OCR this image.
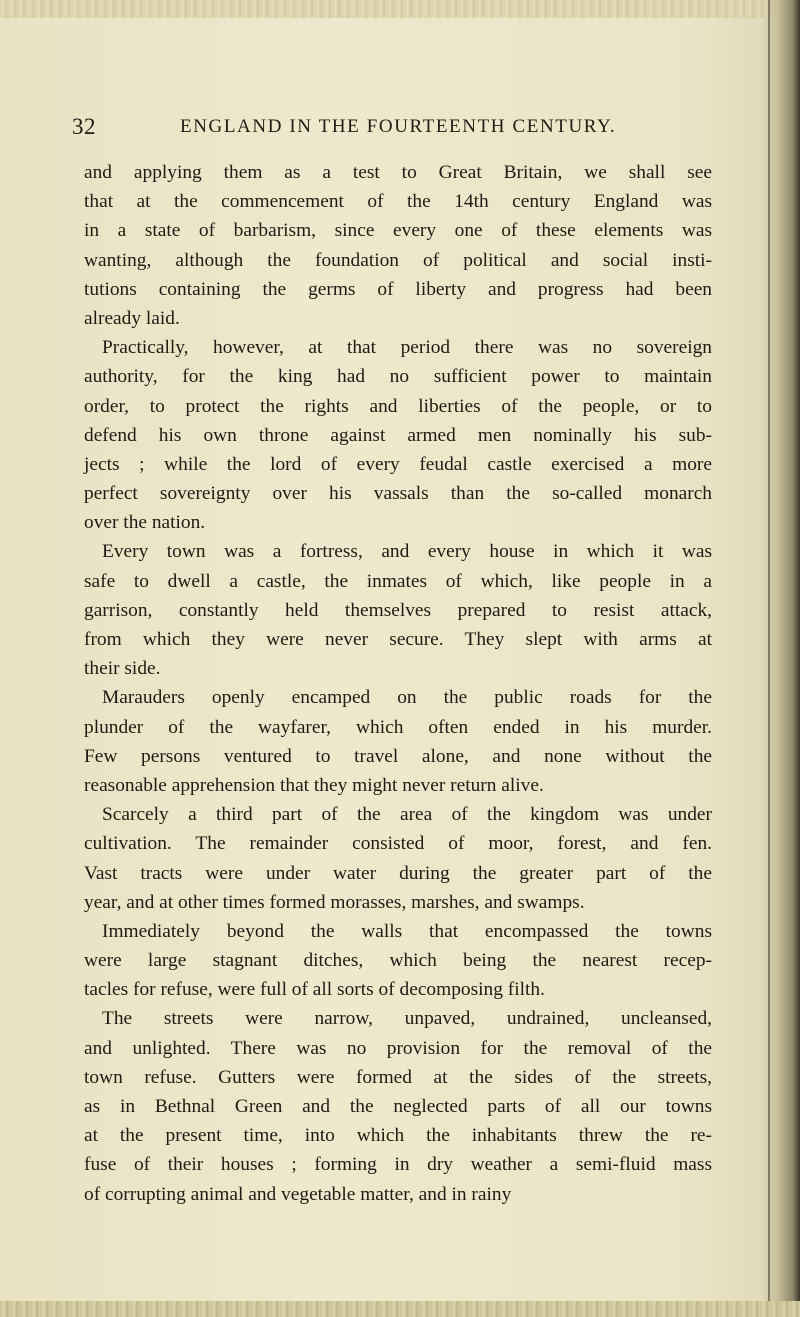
32	ENGLAND IN THE FOURTEENTH CENTURY.
and applying them as a test to Great Britain, we shall see
that at the commencement of the 14th century England was
in a state of barbarism, since every one of these elements was
wanting, although the foundation of political and social insti-
tutions containing the germs of liberty and progress had been
already laid.
Practically, however, at that period there was no sovereign
authority, for the king had no sufficient power to maintain
order, to protect the rights and liberties of the people, or to
defend his own throne against armed men nominally his sub-
jects ; while the lord of every feudal castle exercised a more
perfect sovereignty over his vassals than the so-called monarch
over the nation.
Every town was a fortress, and every house in which it was
safe to dwell a castle, the inmates of which, like people in a
garrison, constantly held themselves prepared to resist attack,
from which they were never secure. They slept with arms at
their side.
Marauders openly encamped on the public roads for the
plunder of the wayfarer, which often ended in his murder.
Few persons ventured to travel alone, and none without the
reasonable apprehension that they might never return alive.
Scarcely a third part of the area of the kingdom was under
cultivation. The remainder consisted of moor, forest, and fen.
Vast tracts were under water during the greater part of the
year, and at other times formed morasses, marshes, and swamps.
Immediately beyond the walls that encompassed the towns
were large stagnant ditches, which being the nearest recep-
tacles for refuse, were full of all sorts of decomposing filth.
The streets were narrow, unpaved, undrained, uncleansed,
and unlighted. There was no provision for the removal of the
town refuse. Gutters were formed at the sides of the streets,
as in Bethnal Green and the neglected parts of all our towns
at the present time, into which the inhabitants threw the re-
fuse of their houses ; forming in dry weather a semi-fluid mass
of corrupting animal and vegetable matter, and in rainy
